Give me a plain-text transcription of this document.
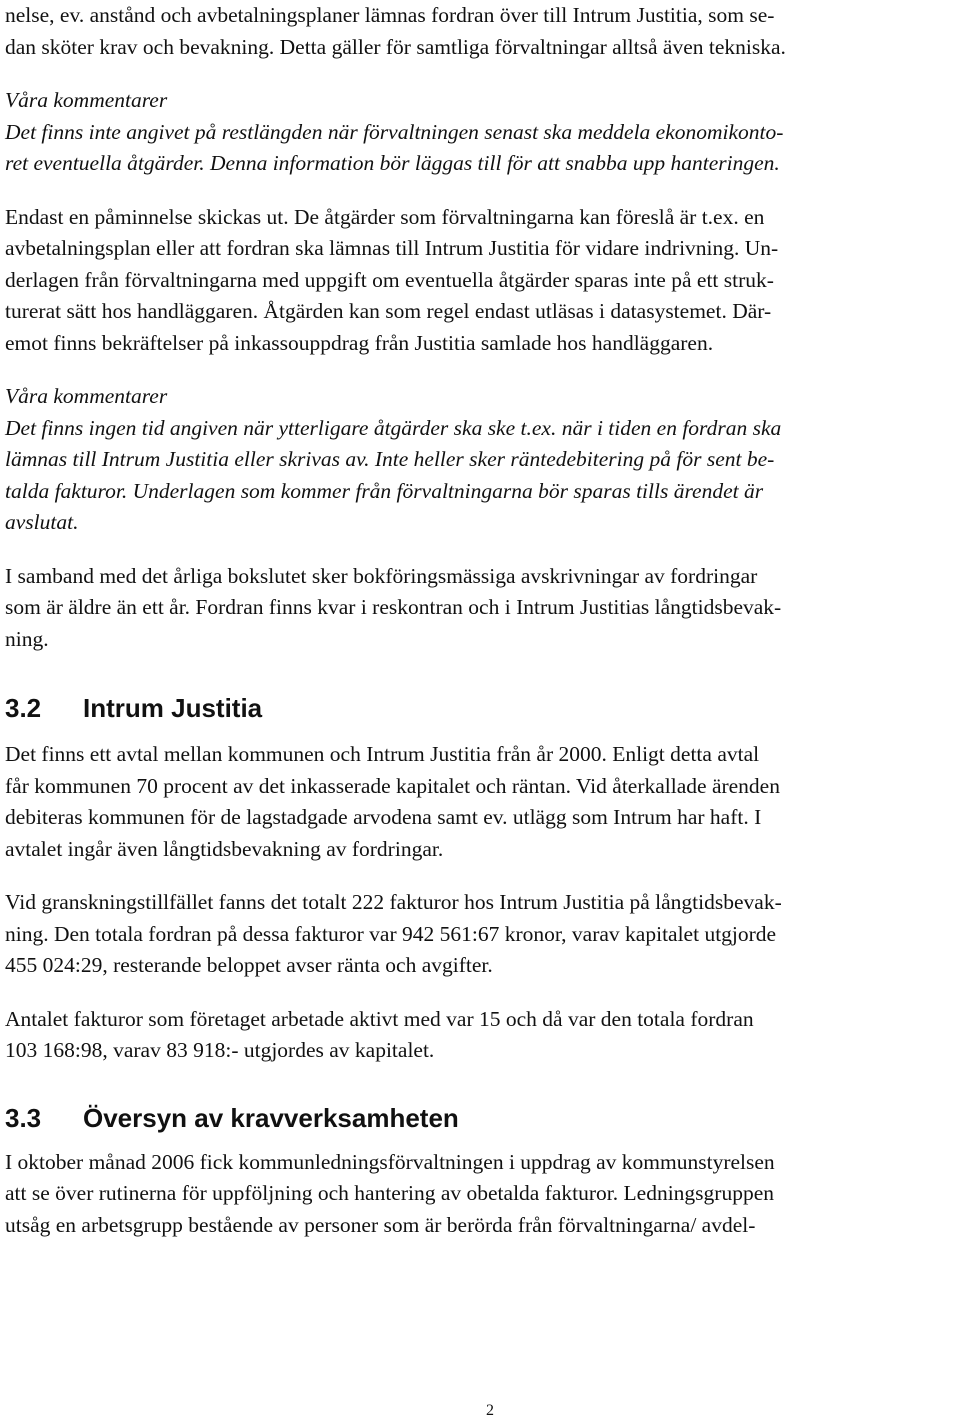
nelse, ev. anstånd och avbetalningsplaner lämnas fordran över till Intrum Justitia, som se-

dan sköter krav och bevakning. Detta gäller för samtliga förvaltningar alltså även tekniska.

Våra kommentarer

Det finns inte angivet på restlängden när förvaltningen senast ska meddela ekonomikonto-

ret eventuella åtgärder. Denna information bör läggas till för att snabba upp hanteringen.

Endast en påminnelse skickas ut. De åtgärder som förvaltningarna kan föreslå är t.ex. en

avbetalningsplan eller att fordran ska lämnas till Intrum Justitia för vidare indrivning. Un-

derlagen från förvaltningarna med uppgift om eventuella åtgärder sparas inte på ett struk-

turerat sätt hos handläggaren. Åtgärden kan som regel endast utläsas i datasystemet. Där-

emot finns bekräftelser på inkassouppdrag från Justitia samlade hos handläggaren.

Våra kommentarer

Det finns ingen tid angiven när ytterligare åtgärder ska ske t.ex. när i tiden en fordran ska

lämnas till Intrum Justitia eller skrivas av. Inte heller sker räntedebitering på för sent be-

talda fakturor. Underlagen som kommer från förvaltningarna bör sparas tills ärendet är

avslutat.

I samband med det årliga bokslutet sker bokföringsmässiga avskrivningar av fordringar

som är äldre än ett år. Fordran finns kvar i reskontran och i Intrum Justitias långtidsbevak-

ning.

3.2 Intrum Justitia

Det finns ett avtal mellan kommunen och Intrum Justitia från år 2000. Enligt detta avtal

får kommunen 70 procent av det inkasserade kapitalet och räntan. Vid återkallade ärenden

debiteras kommunen för de lagstadgade arvodena samt ev. utlägg som Intrum har haft. I

avtalet ingår även långtidsbevakning av fordringar.

Vid granskningstillfället fanns det totalt 222 fakturor hos Intrum Justitia på långtidsbevak-

ning. Den totala fordran på dessa fakturor var 942 561:67 kronor, varav kapitalet utgjorde

455 024:29, resterande beloppet avser ränta och avgifter.

Antalet fakturor som företaget arbetade aktivt med var 15 och då var den totala fordran

103 168:98, varav 83 918:- utgjordes av kapitalet.

3.3 Översyn av kravverksamheten

I oktober månad 2006 fick kommunledningsförvaltningen i uppdrag av kommunstyrelsen

att se över rutinerna för uppföljning och hantering av obetalda fakturor. Ledningsgruppen

utsåg en arbetsgrupp bestående av personer som är berörda från förvaltningarna/ avdel-

2
